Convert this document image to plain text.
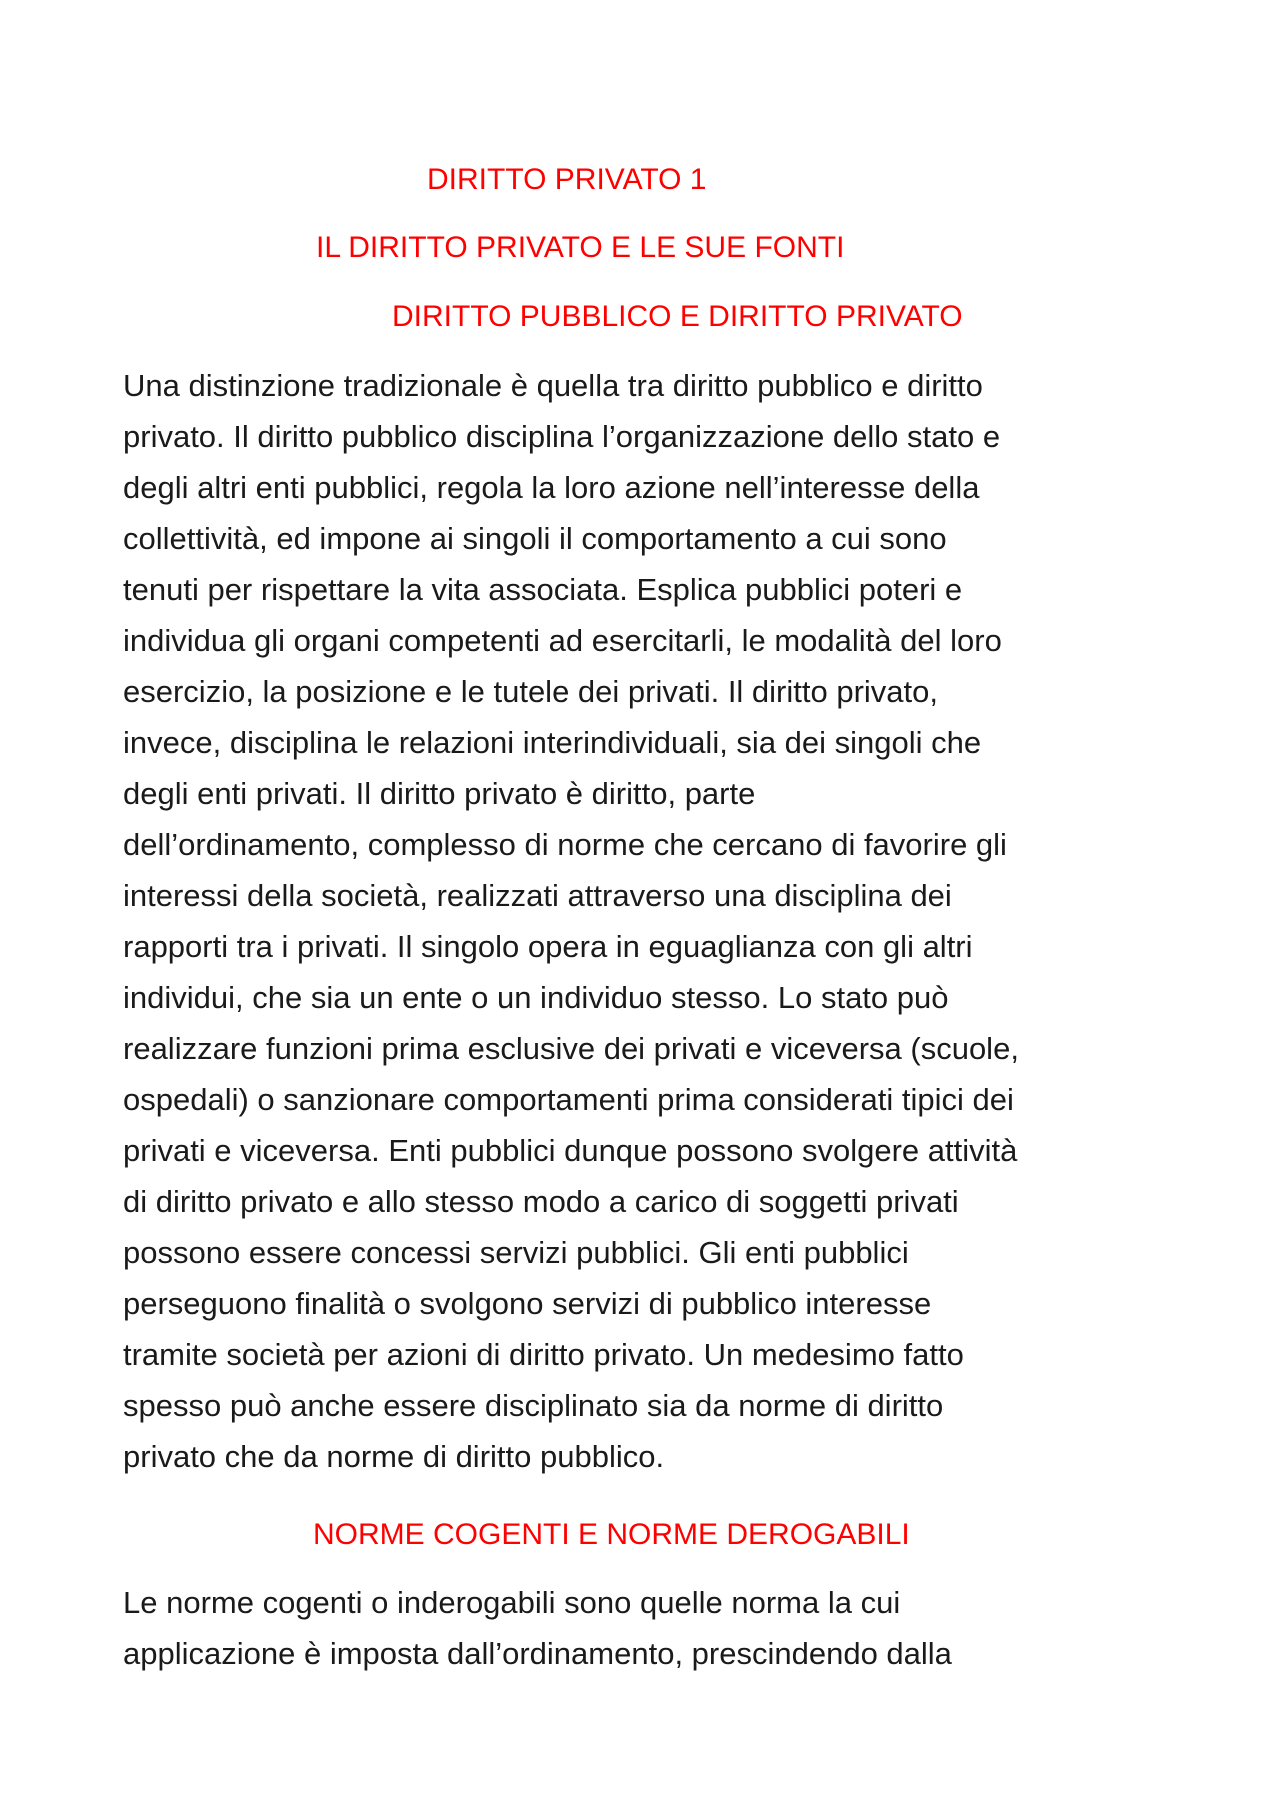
DIRITTO PRIVATO 1
IL DIRITTO PRIVATO E LE SUE FONTI
DIRITTO PUBBLICO E DIRITTO PRIVATO

Una distinzione tradizionale è quella tra diritto pubblico e diritto
privato. Il diritto pubblico disciplina l’organizzazione dello stato e
degli altri enti pubblici, regola la loro azione nell’interesse della
collettività, ed impone ai singoli il comportamento a cui sono
tenuti per rispettare la vita associata. Esplica pubblici poteri e
individua gli organi competenti ad esercitarli, le modalità del loro
esercizio, la posizione e le tutele dei privati. Il diritto privato,
invece, disciplina le relazioni interindividuali, sia dei singoli che
degli enti privati. Il diritto privato è diritto, parte
dell’ordinamento, complesso di norme che cercano di favorire gli
interessi della società, realizzati attraverso una disciplina dei
rapporti tra i privati. Il singolo opera in eguaglianza con gli altri
individui, che sia un ente o un individuo stesso. Lo stato può
realizzare funzioni prima esclusive dei privati e viceversa (scuole,
ospedali) o sanzionare comportamenti prima considerati tipici dei
privati e viceversa. Enti pubblici dunque possono svolgere attività
di diritto privato e allo stesso modo a carico di soggetti privati
possono essere concessi servizi pubblici. Gli enti pubblici
perseguono finalità o svolgono servizi di pubblico interesse
tramite società per azioni di diritto privato. Un medesimo fatto
spesso può anche essere disciplinato sia da norme di diritto
privato che da norme di diritto pubblico.

NORME COGENTI E NORME DEROGABILI

Le norme cogenti o inderogabili sono quelle norma la cui
applicazione è imposta dall’ordinamento, prescindendo dalla
